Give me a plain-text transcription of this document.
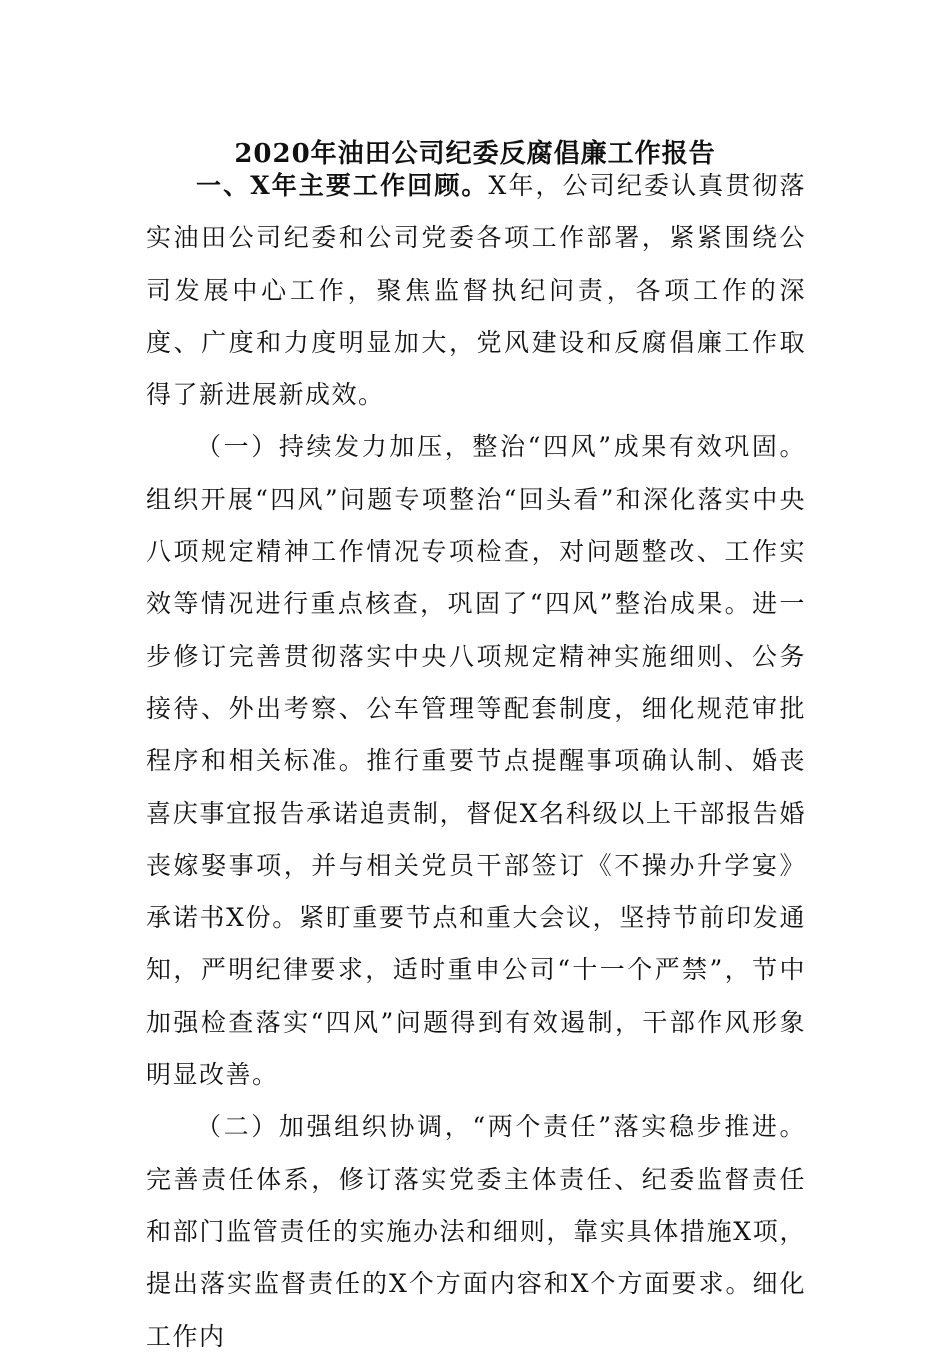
2020年油田公司纪委反腐倡廉工作报告

一、X年主要工作回顾。X年，公司纪委认真贯彻落实油田公司纪委和公司党委各项工作部署，紧紧围绕公司发展中心工作，聚焦监督执纪问责，各项工作的深度、广度和力度明显加大，党风建设和反腐倡廉工作取得了新进展新成效。

（一）持续发力加压，整治“四风”成果有效巩固。组织开展“四风”问题专项整治“回头看”和深化落实中央八项规定精神工作情况专项检查，对问题整改、工作实效等情况进行重点核查，巩固了“四风”整治成果。进一步修订完善贯彻落实中央八项规定精神实施细则、公务接待、外出考察、公车管理等配套制度，细化规范审批程序和相关标准。推行重要节点提醒事项确认制、婚丧喜庆事宜报告承诺追责制，督促X名科级以上干部报告婚丧嫁娶事项，并与相关党员干部签订《不操办升学宴》承诺书X份。紧盯重要节点和重大会议，坚持节前印发通知，严明纪律要求，适时重申公司“十一个严禁”，节中加强检查落实“四风”问题得到有效遏制，干部作风形象明显改善。

（二）加强组织协调，“两个责任”落实稳步推进。完善责任体系，修订落实党委主体责任、纪委监督责任和部门监管责任的实施办法和细则，靠实具体措施X项，提出落实监督责任的X个方面内容和X个方面要求。细化工作内
